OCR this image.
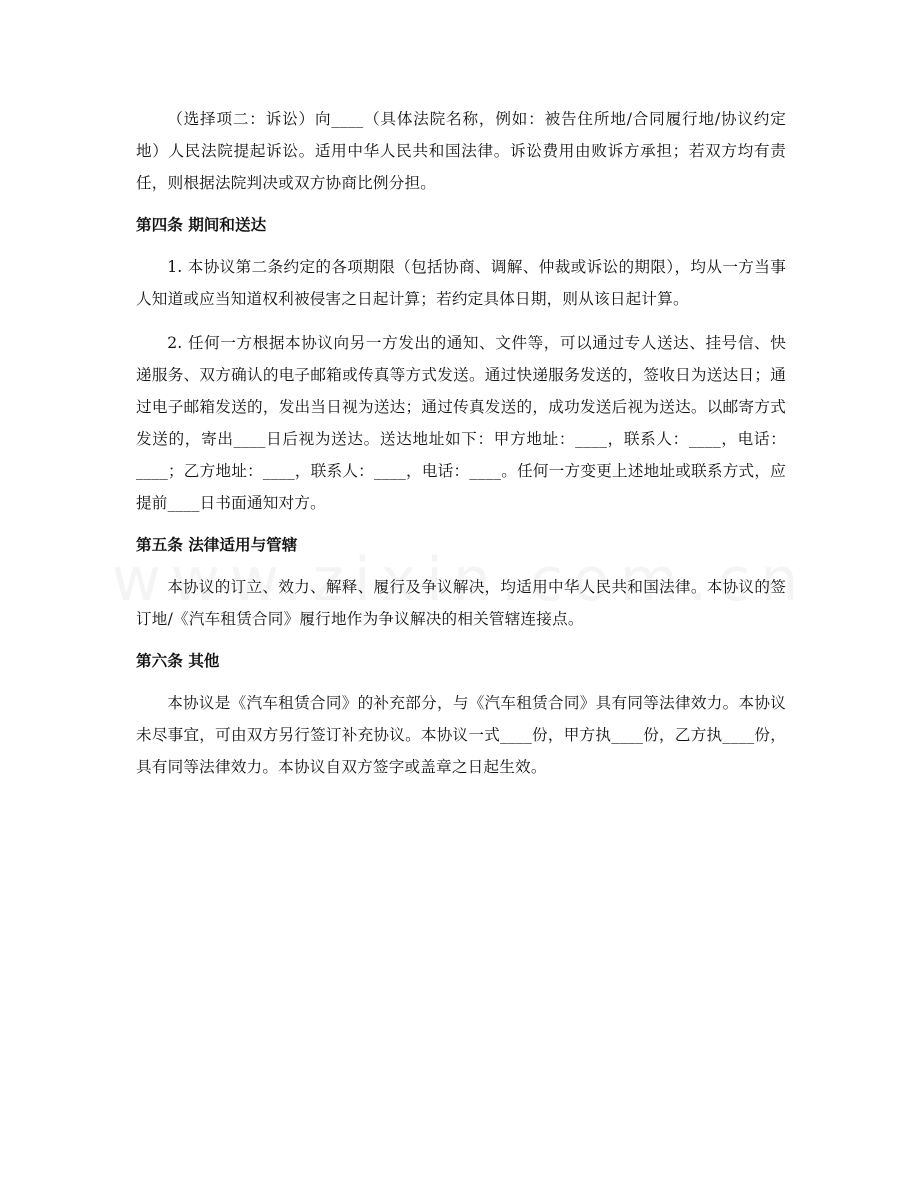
（选择项二：诉讼）向____（具体法院名称，例如：被告住所地/合同履行地/协议约定地）人民法院提起诉讼。适用中华人民共和国法律。诉讼费用由败诉方承担；若双方均有责任，则根据法院判决或双方协商比例分担。

第四条 期间和送达

1. 本协议第二条约定的各项期限（包括协商、调解、仲裁或诉讼的期限），均从一方当事人知道或应当知道权利被侵害之日起计算；若约定具体日期，则从该日起计算。

2. 任何一方根据本协议向另一方发出的通知、文件等，可以通过专人送达、挂号信、快递服务、双方确认的电子邮箱或传真等方式发送。通过快递服务发送的，签收日为送达日；通过电子邮箱发送的，发出当日视为送达；通过传真发送的，成功发送后视为送达。以邮寄方式发送的，寄出____日后视为送达。送达地址如下：甲方地址：____，联系人：____，电话：____；乙方地址：____，联系人：____，电话：____。任何一方变更上述地址或联系方式，应提前____日书面通知对方。

第五条 法律适用与管辖

本协议的订立、效力、解释、履行及争议解决，均适用中华人民共和国法律。本协议的签订地/《汽车租赁合同》履行地作为争议解决的相关管辖连接点。

第六条 其他

本协议是《汽车租赁合同》的补充部分，与《汽车租赁合同》具有同等法律效力。本协议未尽事宜，可由双方另行签订补充协议。本协议一式____份，甲方执____份，乙方执____份，具有同等法律效力。本协议自双方签字或盖章之日起生效。
